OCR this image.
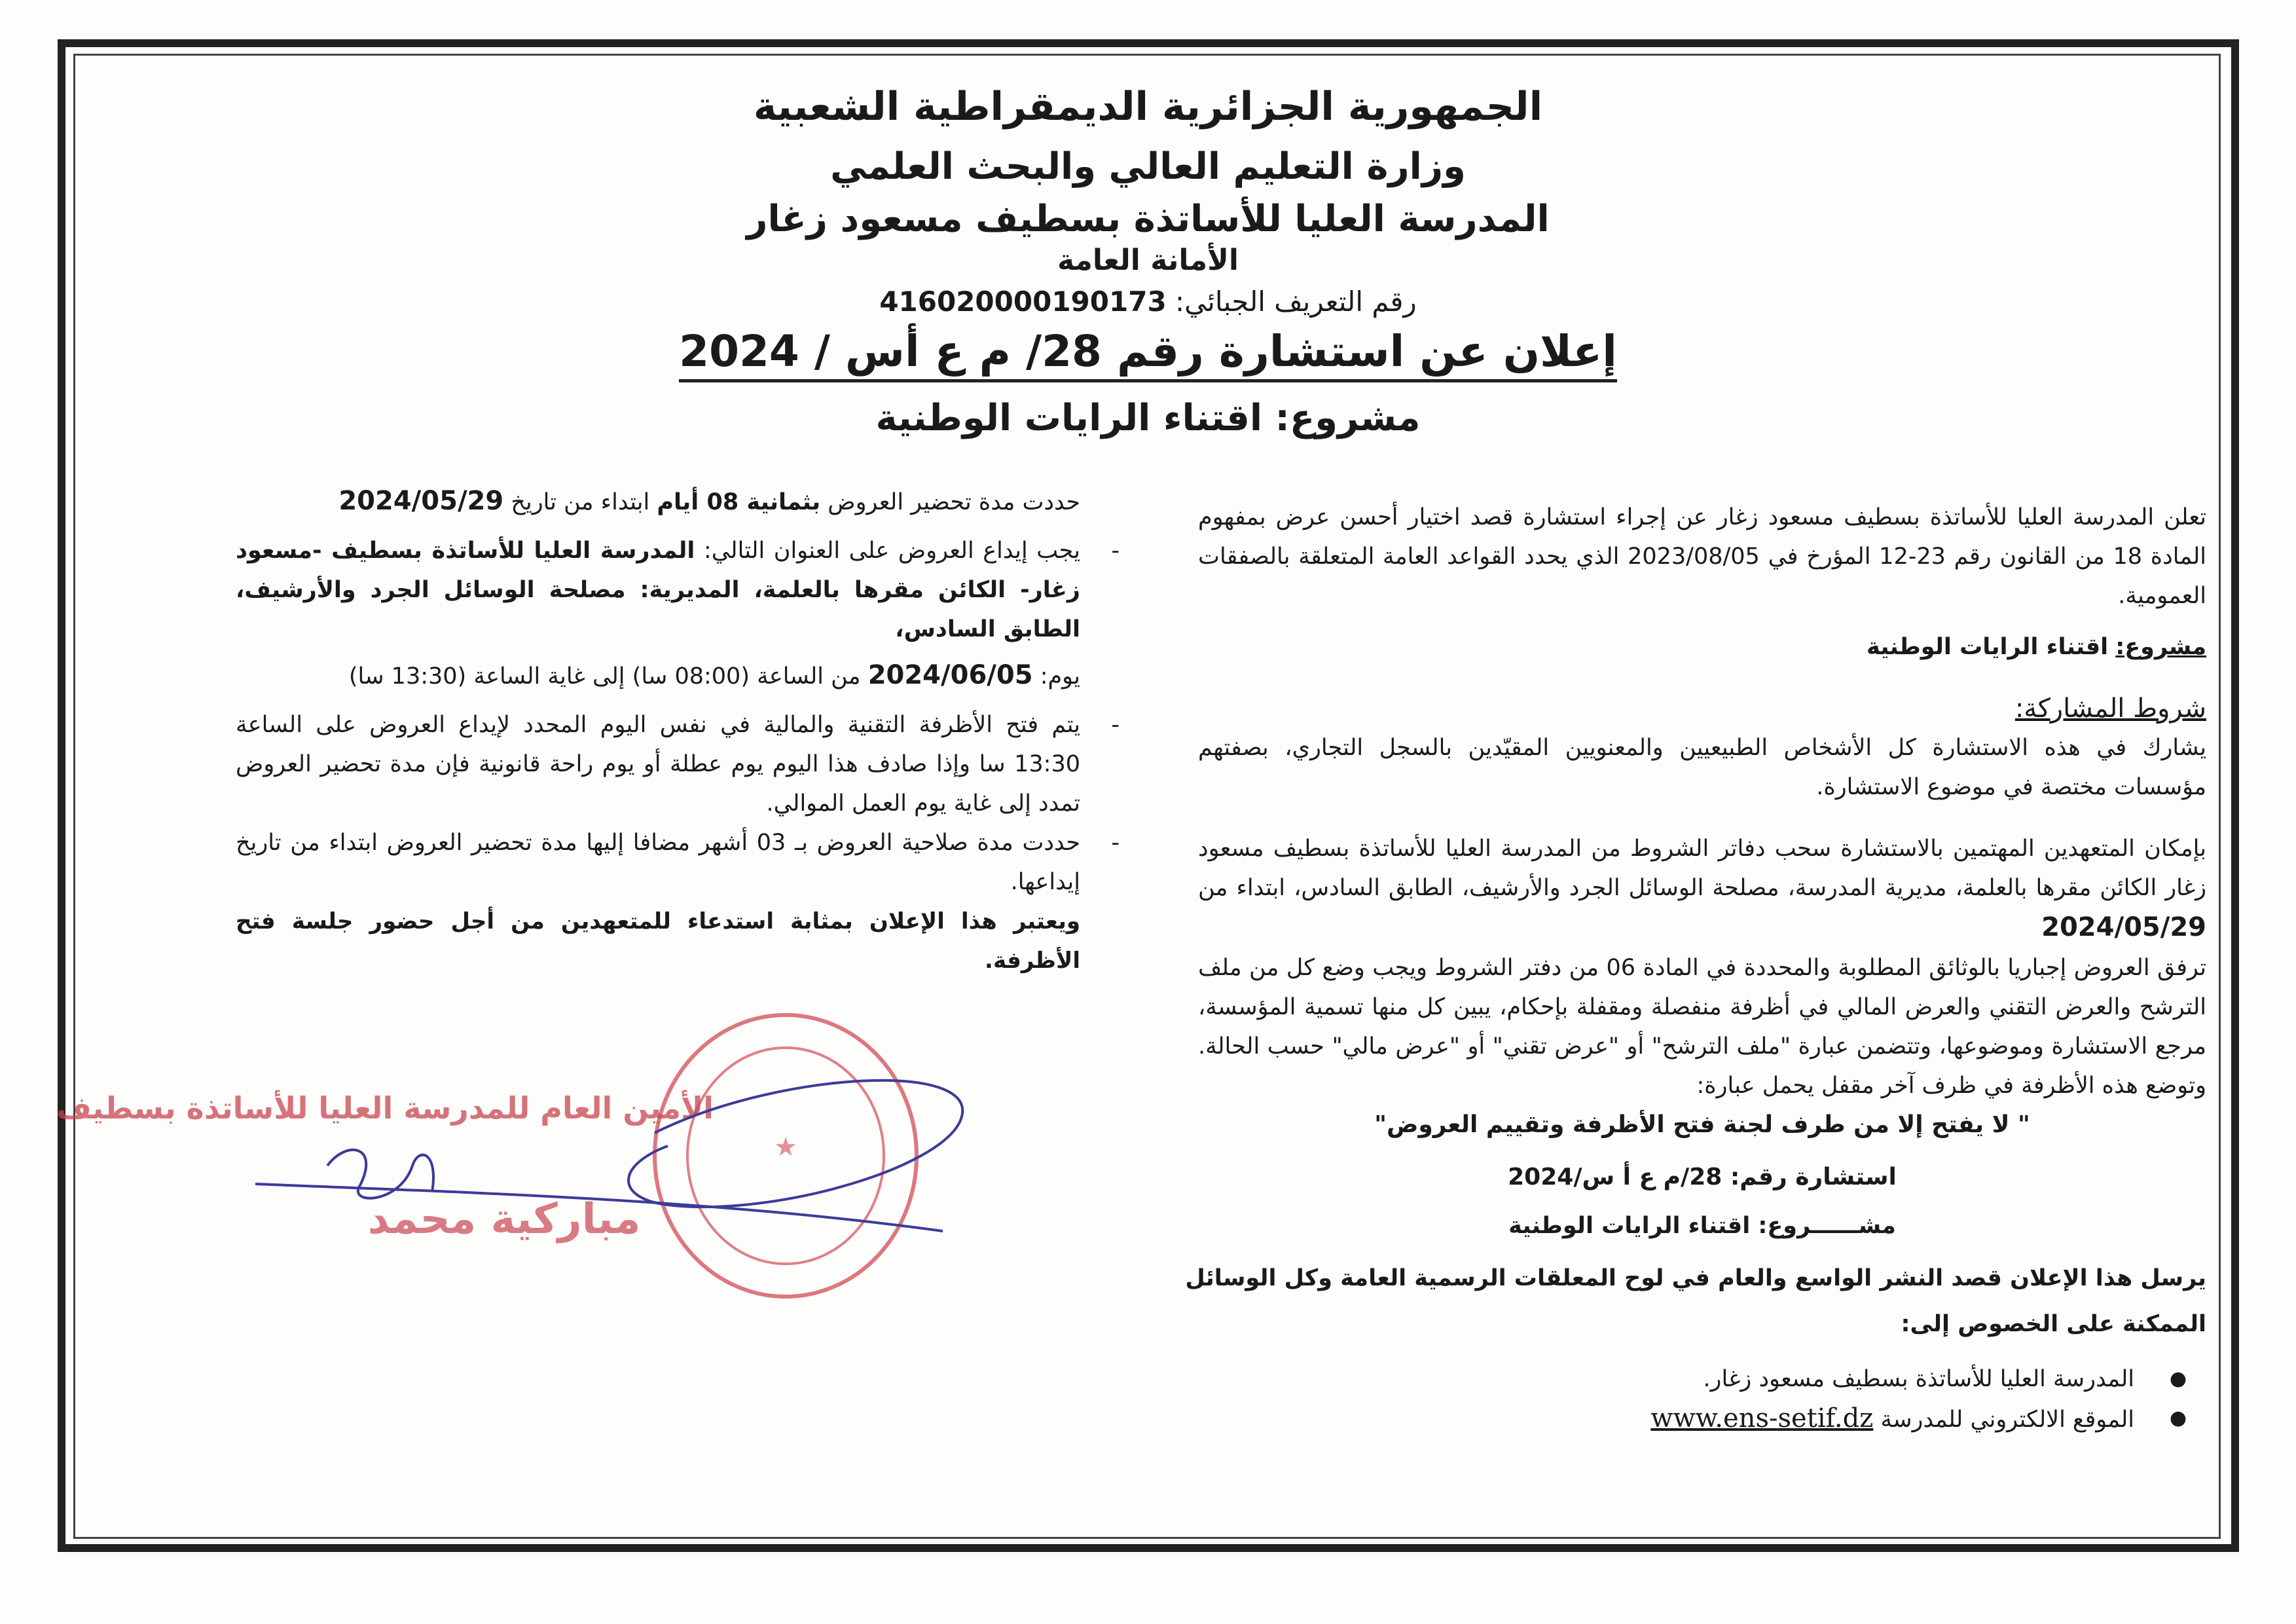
الجمهورية الجزائرية الديمقراطية الشعبية
وزارة التعليم العالي والبحث العلمي
المدرسة العليا للأساتذة بسطيف مسعود زغار
الأمانة العامة
رقم التعريف الجبائي: 416020000190173
إعلان عن استشارة رقم 28/ م ع أس / 2024
مشروع: اقتناء الرايات الوطنية

تعلن المدرسة العليا للأساتذة بسطيف مسعود زغار عن إجراء استشارة قصد اختيار أحسن عرض بمفهوم المادة 18 من القانون رقم 23-12 المؤرخ في 2023/08/05 الذي يحدد القواعد العامة المتعلقة بالصفقات العمومية.

مشروع: اقتناء الرايات الوطنية

شروط المشاركة:

يشارك في هذه الاستشارة كل الأشخاص الطبيعيين والمعنويين المقيّدين بالسجل التجاري، بصفتهم مؤسسات مختصة في موضوع الاستشارة.

بإمكان المتعهدين المهتمين بالاستشارة سحب دفاتر الشروط من المدرسة العليا للأساتذة بسطيف مسعود زغار الكائن مقرها بالعلمة، مديرية المدرسة، مصلحة الوسائل الجرد والأرشيف، الطابق السادس، ابتداء من 2024/05/29

ترفق العروض إجباريا بالوثائق المطلوبة والمحددة في المادة 06 من دفتر الشروط ويجب وضع كل من ملف الترشح والعرض التقني والعرض المالي في أظرفة منفصلة ومقفلة بإحكام، يبين كل منها تسمية المؤسسة، مرجع الاستشارة وموضوعها، وتتضمن عبارة "ملف الترشح" أو "عرض تقني" أو "عرض مالي" حسب الحالة. وتوضع هذه الأظرفة في ظرف آخر مقفل يحمل عبارة:

" لا يفتح إلا من طرف لجنة فتح الأظرفة وتقييم العروض"

استشارة رقم: 28/م ع أ س/2024

مشــــــروع: اقتناء الرايات الوطنية

يرسل هذا الإعلان قصد النشر الواسع والعام في لوح المعلقات الرسمية العامة وكل الوسائل

الممكنة على الخصوص إلى:

●
المدرسة العليا للأساتذة بسطيف مسعود زغار.

●
الموقع الالكتروني للمدرسة www.ens-setif.dz

حددت مدة تحضير العروض بثمانية 08 أيام ابتداء من تاريخ 2024/05/29

-
يجب إيداع العروض على العنوان التالي: المدرسة العليا للأساتذة بسطيف -مسعود زغار- الكائن مقرها بالعلمة، المديرية: مصلحة الوسائل الجرد والأرشيف، الطابق السادس،

يوم: 2024/06/05 من الساعة (08:00 سا) إلى غاية الساعة (13:30 سا)

-
يتم فتح الأظرفة التقنية والمالية في نفس اليوم المحدد لإيداع العروض على الساعة 13:30 سا وإذا صادف هذا اليوم يوم عطلة أو يوم راحة قانونية فإن مدة تحضير العروض تمدد إلى غاية يوم العمل الموالي.

-
حددت مدة صلاحية العروض بـ 03 أشهر مضافا إليها مدة تحضير العروض ابتداء من تاريخ إيداعها.

ويعتبر هذا الإعلان بمثابة استدعاء للمتعهدين من أجل حضور جلسة فتح الأظرفة.

★
الأمين العام للمدرسة العليا للأساتذة بسطيف
مباركية محمد
